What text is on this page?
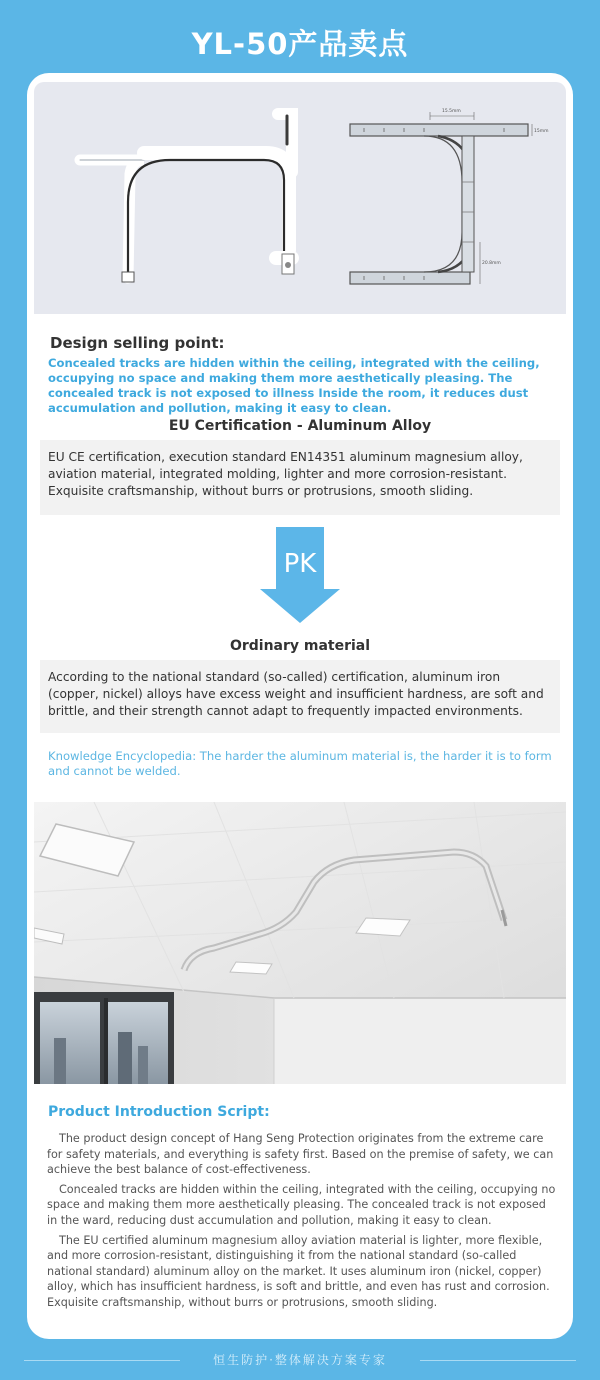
YL-50产品卖点
15.5mm
15mm
20.8mm
Design selling point:
Concealed tracks are hidden within the ceiling, integrated with the ceiling, occupying no space and making them more aesthetically pleasing. The concealed track is not exposed to illness Inside the room, it reduces dust accumulation and pollution, making it easy to clean.
EU Certification - Aluminum Alloy
EU CE certification, execution standard EN14351 aluminum magnesium alloy, aviation material, integrated molding, lighter and more corrosion-resistant. Exquisite craftsmanship, without burrs or protrusions, smooth sliding.
PK
Ordinary material
According to the national standard (so-called) certification, aluminum iron (copper, nickel) alloys have excess weight and insufficient hardness, are soft and brittle, and their strength cannot adapt to frequently impacted environments.
Knowledge Encyclopedia: The harder the aluminum material is, the harder it is to form and cannot be welded.
Product Introduction Script:

The product design concept of Hang Seng Protection originates from the extreme care for safety materials, and everything is safety first. Based on the premise of safety, we can achieve the best balance of cost-effectiveness.

Concealed tracks are hidden within the ceiling, integrated with the ceiling, occupying no space and making them more aesthetically pleasing. The concealed track is not exposed in the ward, reducing dust accumulation and pollution, making it easy to clean.

The EU certified aluminum magnesium alloy aviation material is lighter, more flexible, and more corrosion-resistant, distinguishing it from the national standard (so-called national standard) aluminum alloy on the market. It uses aluminum iron (nickel, copper) alloy, which has insufficient hardness, is soft and brittle, and even has rust and corrosion. Exquisite craftsmanship, without burrs or protrusions, smooth sliding.

恒生防护·整体解决方案专家
